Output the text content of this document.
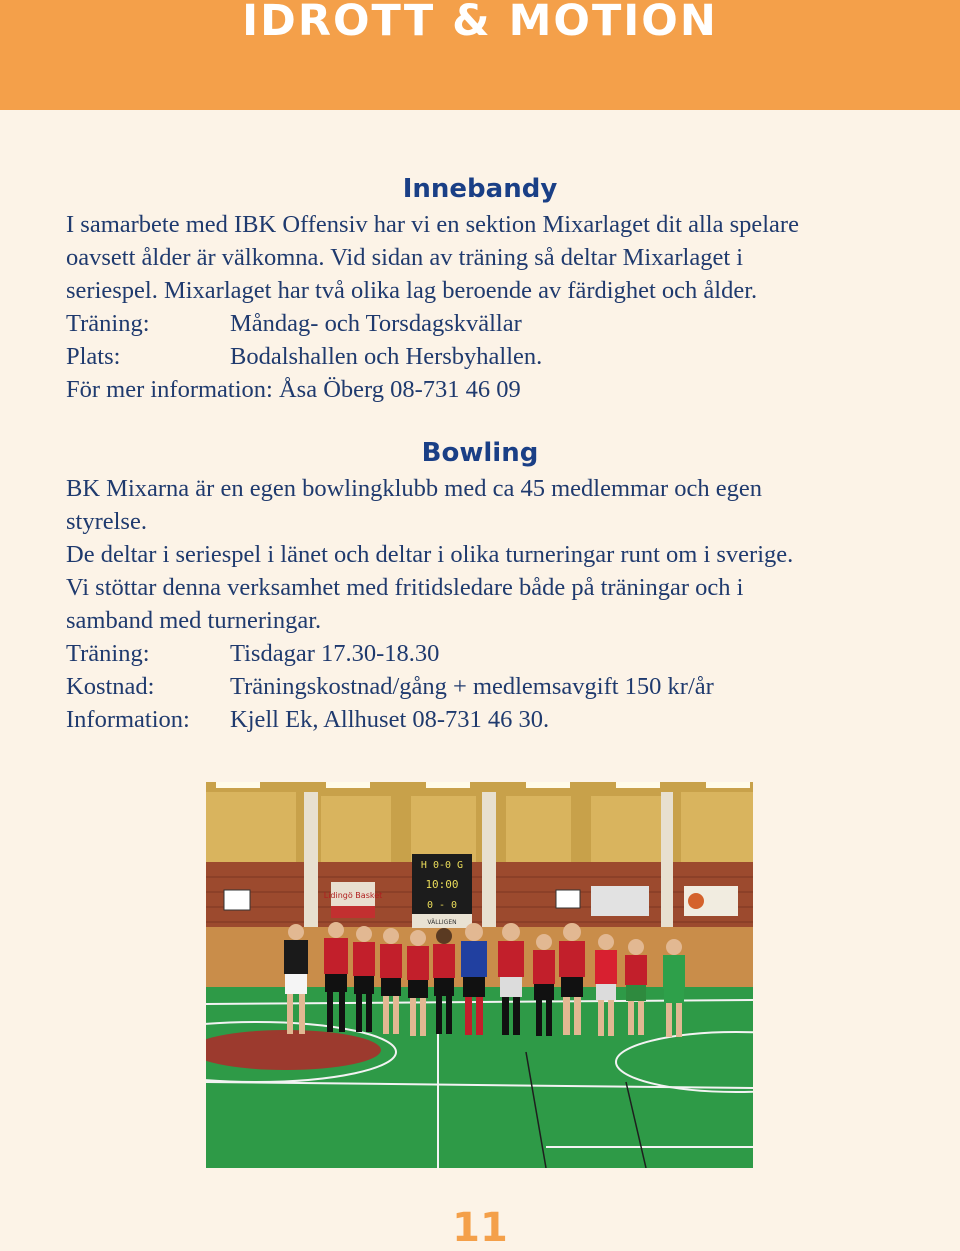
IDROTT & MOTION
Innebandy

I samarbete med IBK Offensiv har vi en sektion Mixarlaget dit alla spelare

oavsett ålder är välkomna. Vid sidan av träning så deltar Mixarlaget i

seriespel. Mixarlaget har två olika lag beroende av färdighet och ålder.

Träning:	Måndag- och Torsdagskvällar
Plats:	Bodalshallen och Hersbyhallen.

För mer information: Åsa Öberg 08-731 46 09

Bowling

BK Mixarna är en egen bowlingklubb med ca 45 medlemmar och egen

styrelse.

De deltar i seriespel i länet och deltar i olika turneringar runt om i sverige.

Vi stöttar denna verksamhet med fritidsledare både på träningar och i

samband med turneringar.

Träning:	Tisdagar 17.30-18.30
Kostnad:	Träningskostnad/gång + medlemsavgift 150 kr/år
Information:	Kjell Ek, Allhuset 08-731 46 30.
Lidingö Basket
H 0-0 G
10:00
0 - 0
VÄLLIGEN
11
